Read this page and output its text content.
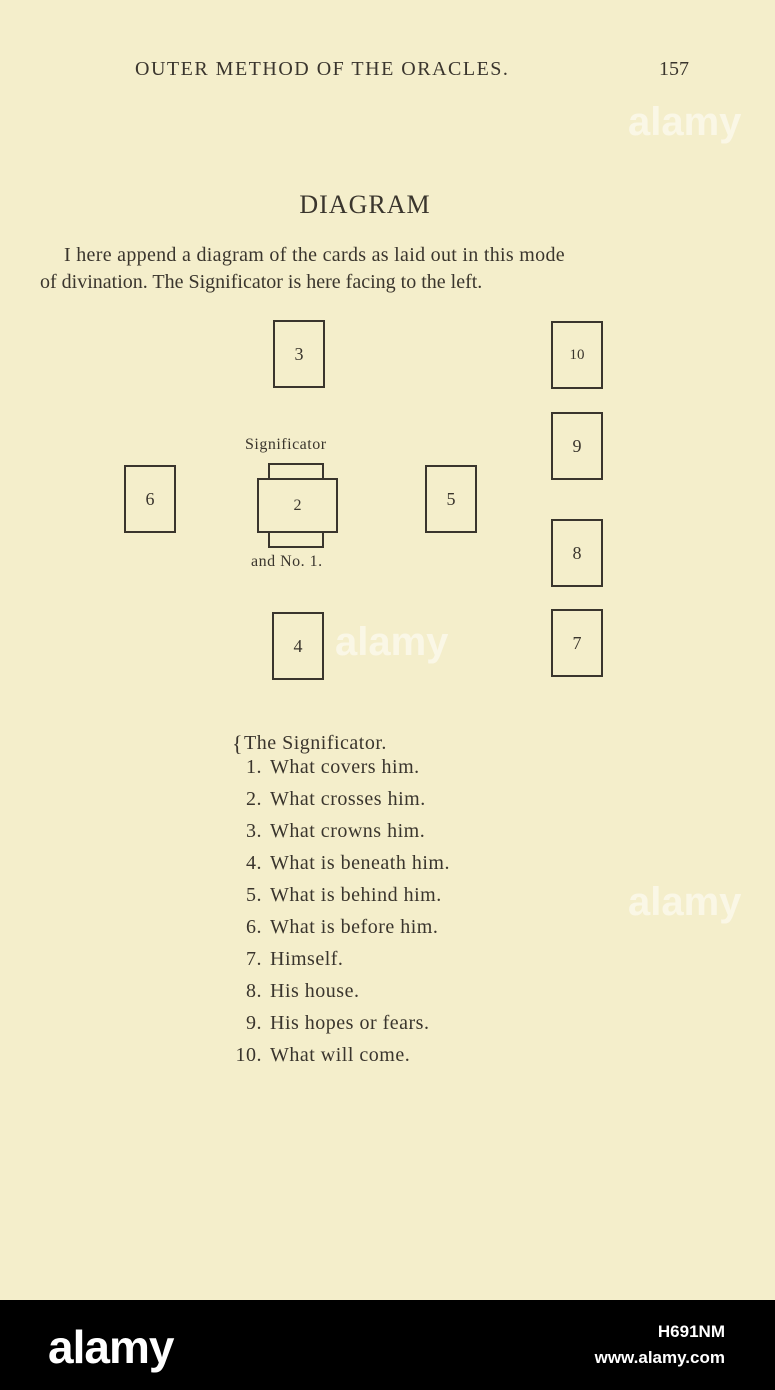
OUTER METHOD OF THE ORACLES.	157
alamy
alamy
alamy
DIAGRAM

I here append a diagram of the cards as laid out in this mode

of divination. The Significator is here facing to the left.

3	10
9
6	5
8
4	7
Significator
2
and No. 1.
{ The Significator.
1. What covers him.
2. What crosses him.
3. What crowns him.
4. What is beneath him.
5. What is behind him.
6. What is before him.
7. Himself.
8. His house.
9. His hopes or fears.
10. What will come.
alamy	H691NM
www.alamy.com
